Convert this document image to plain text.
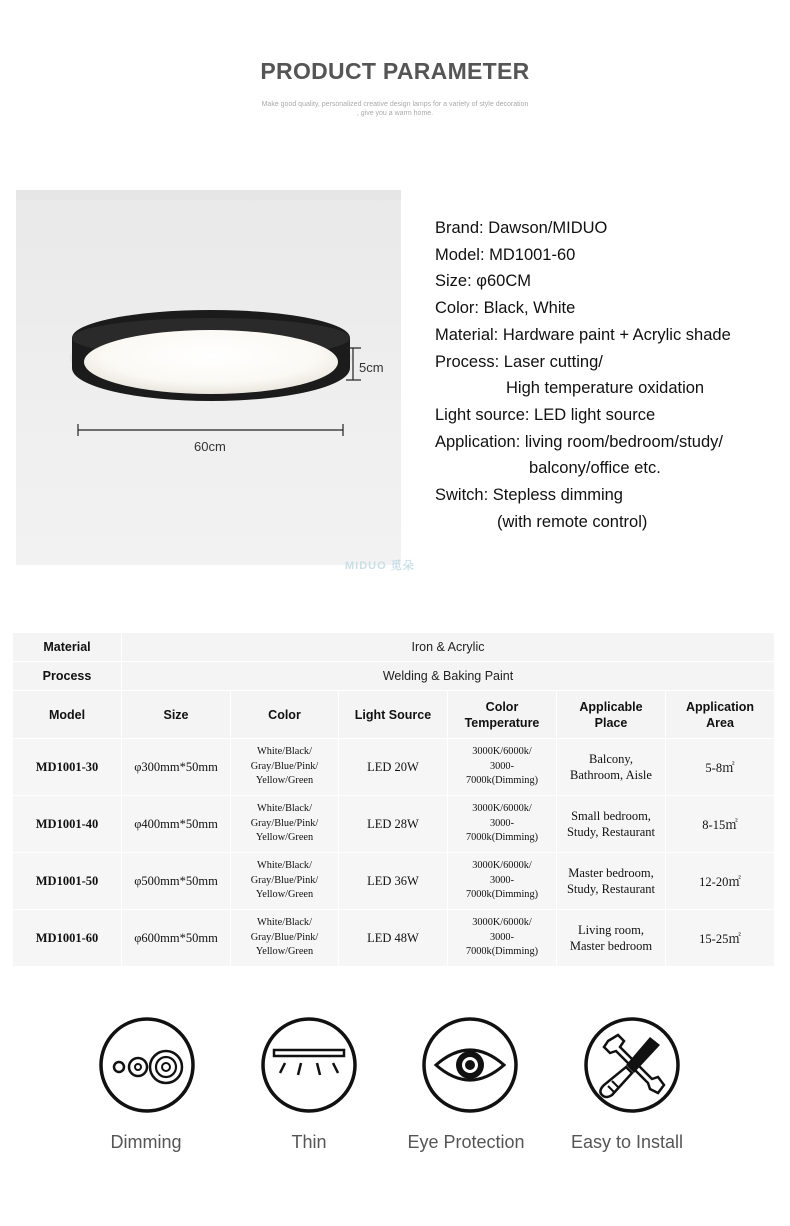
PRODUCT PARAMETER
Make good quality, personalized creative design lamps for a variety of style decoration , give you a warm home.
5cm
60cm
MIDUO 觅朵
Brand: Dawson/MIDUO
Model: MD1001-60
Size: φ60CM
Color: Black, White
Material: Hardware paint + Acrylic shade
Process: Laser cutting/
High temperature oxidation
Light source: LED light source
Application: living room/bedroom/study/
balcony/office etc.
Switch: Stepless dimming
(with remote control)
Material	Iron & Acrylic					
Process	Welding & Baking Paint					
Model	Size	Color	Light Source	Color
Temperature	Applicable
Place	Application
Area
MD1001-30	φ300mm*50mm	White/Black/
Gray/Blue/Pink/
Yellow/Green	LED 20W	3000K/6000k/
3000-
7000k(Dimming)	Balcony,
Bathroom, Aisle	5-8㎡
MD1001-40	φ400mm*50mm	White/Black/
Gray/Blue/Pink/
Yellow/Green	LED 28W	3000K/6000k/
3000-
7000k(Dimming)	Small bedroom,
Study, Restaurant	8-15㎡
MD1001-50	φ500mm*50mm	White/Black/
Gray/Blue/Pink/
Yellow/Green	LED 36W	3000K/6000k/
3000-
7000k(Dimming)	Master bedroom,
Study, Restaurant	12-20㎡
MD1001-60	φ600mm*50mm	White/Black/
Gray/Blue/Pink/
Yellow/Green	LED 48W	3000K/6000k/
3000-
7000k(Dimming)	Living room,
Master bedroom	15-25㎡
Dimming	Thin	Eye Protection	Easy to Install
